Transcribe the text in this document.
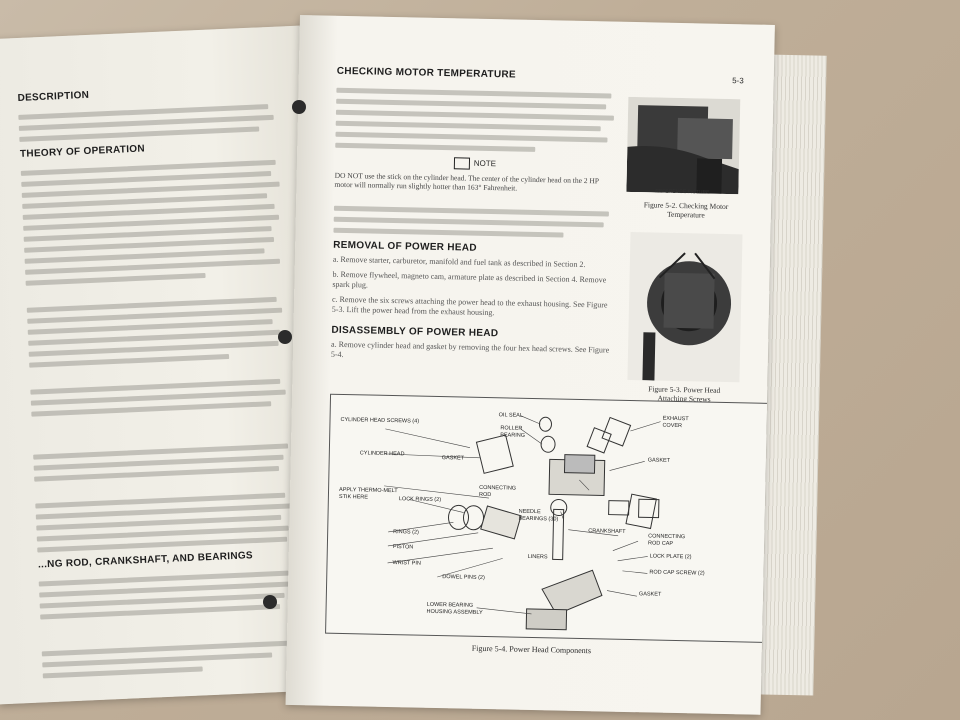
DESCRIPTION
THEORY OF OPERATION
...NG ROD, CRANKSHAFT, AND BEARINGS
5-3
CHECKING MOTOR TEMPERATURE
NOTE
DO NOT use the stick on the cylinder head. The center of the cylinder head on the 2 HP motor will normally run slightly hotter than 163° Fahrenheit.
REMOVAL OF POWER HEAD
a. Remove starter, carburetor, manifold and fuel tank as described in Section 2.
b. Remove flywheel, magneto cam, armature plate as described in Section 4. Remove spark plug.
c. Remove the six screws attaching the power head to the exhaust housing. See Figure 5-3. Lift the power head from the exhaust housing.
DISASSEMBLY OF POWER HEAD
a. Remove cylinder head and gasket by removing the four hex head screws. See Figure 5-4.
REFERENCE PICTURE
Figure 5-2. Checking Motor Temperature
Figure 5-3. Power Head Attaching Screws
CYLINDER HEAD SCREWS (4)
CYLINDER HEAD
APPLY THERMO-MELT STIK HERE	LOCK RINGS (2)
RINGS (2)
PISTON
WRIST PIN
DOWEL PINS (2)
LOWER BEARING HOUSING ASSEMBLY
GASKET
OIL SEAL
ROLLER BEARING
CONNECTING ROD
NEEDLE BEARINGS (30)
LINERS
CRANKSHAFT
EXHAUST COVER
GASKET
CONNECTING ROD CAP
LOCK PLATE (2)
ROD CAP SCREW (2)
GASKET
Figure 5-4. Power Head Components
